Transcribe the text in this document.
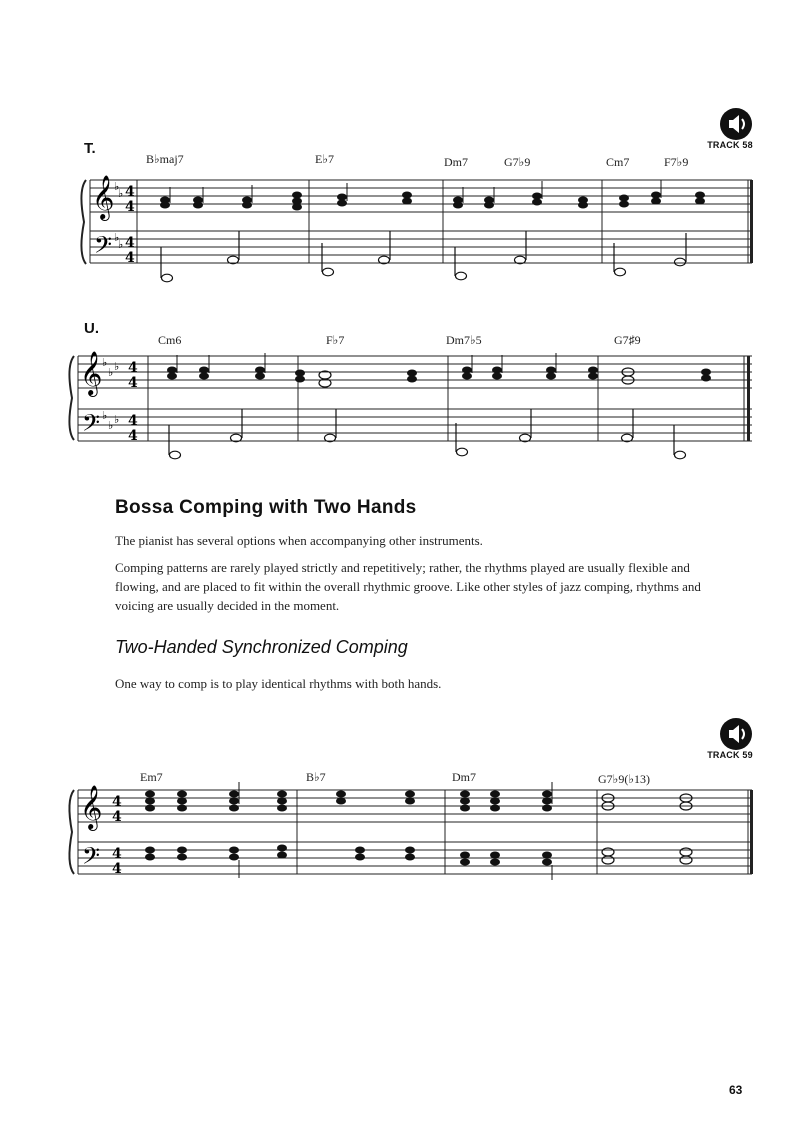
T.	TRACK 58
B♭maj7	E♭7	Dm7	G7♭9	Cm7	F7♭9
𝄞
𝄢
♭
♭ 4
4
♭
♭ 4
4
U.
Cm6	F♭7	Dm7♭5	G7♯9
𝄞
𝄢
♭
♭ ♭ 4
4
♭
♭ ♭ 4
4
Bossa Comping with Two Hands
The pianist has several options when accompanying other instruments.
Comping patterns are rarely played strictly and repetitively; rather, the rhythms played are usually flexible and flowing, and are placed to fit within the overall rhythmic groove. Like other styles of jazz comping, rhythms and voicing are usually decided in the moment.
Two-Handed Synchronized Comping
One way to comp is to play identical rhythms with both hands.
TRACK 59
Em7	B♭7	Dm7	G7♭9(♭13)
𝄞
𝄢
4
4
4
4
63
